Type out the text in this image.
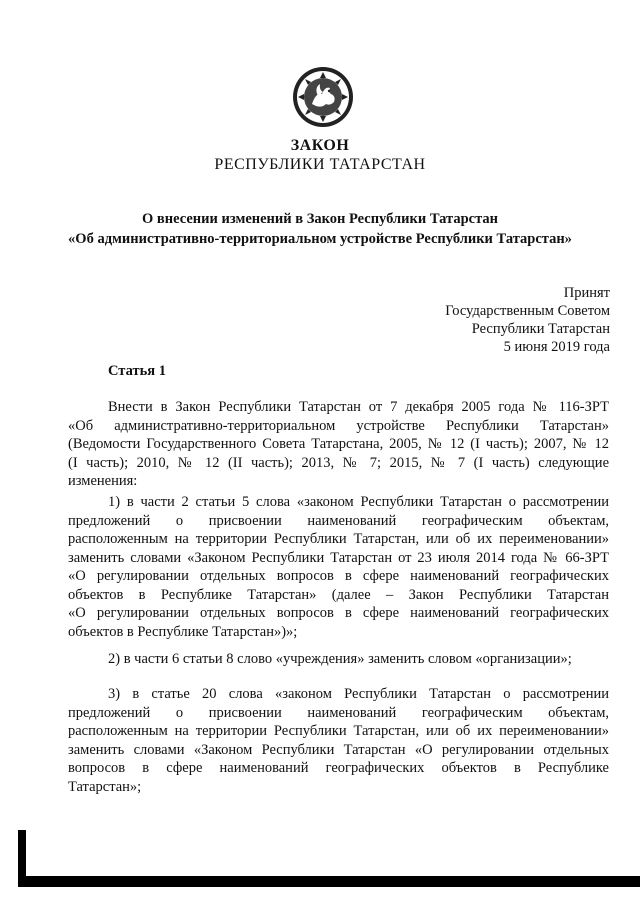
ЗАКОН
РЕСПУБЛИКИ ТАТАРСТАН
О внесении изменений в Закон Республики Татарстан
«Об административно-территориальном устройстве Республики Татарстан»
Принят
Государственным Советом
Республики Татарстан
5 июня 2019 года
Статья 1
Внести в Закон Республики Татарстан от 7 декабря 2005 года № 116-ЗРТ
«Об административно-территориальном устройстве Республики Татарстан»
(Ведомости Государственного Совета Татарстана, 2005, № 12 (I часть); 2007, № 12
(I часть); 2010, № 12 (II часть); 2013, № 7; 2015, № 7 (I часть) следующие
изменения:
1) в части 2 статьи 5 слова «законом Республики Татарстан о рассмотрении
предложений о присвоении наименований географическим объектам,
расположенным на территории Республики Татарстан, или об их переименовании»
заменить словами «Законом Республики Татарстан от 23 июля 2014 года № 66-ЗРТ
«О регулировании отдельных вопросов в сфере наименований географических
объектов в Республике Татарстан» (далее – Закон Республики Татарстан
«О регулировании отдельных вопросов в сфере наименований географических
объектов в Республике Татарстан»)»;
2) в части 6 статьи 8 слово «учреждения» заменить словом «организации»;
3) в статье 20 слова «законом Республики Татарстан о рассмотрении
предложений о присвоении наименований географическим объектам,
расположенным на территории Республики Татарстан, или об их переименовании»
заменить словами «Законом Республики Татарстан «О регулировании отдельных
вопросов в сфере наименований географических объектов в Республике
Татарстан»;
